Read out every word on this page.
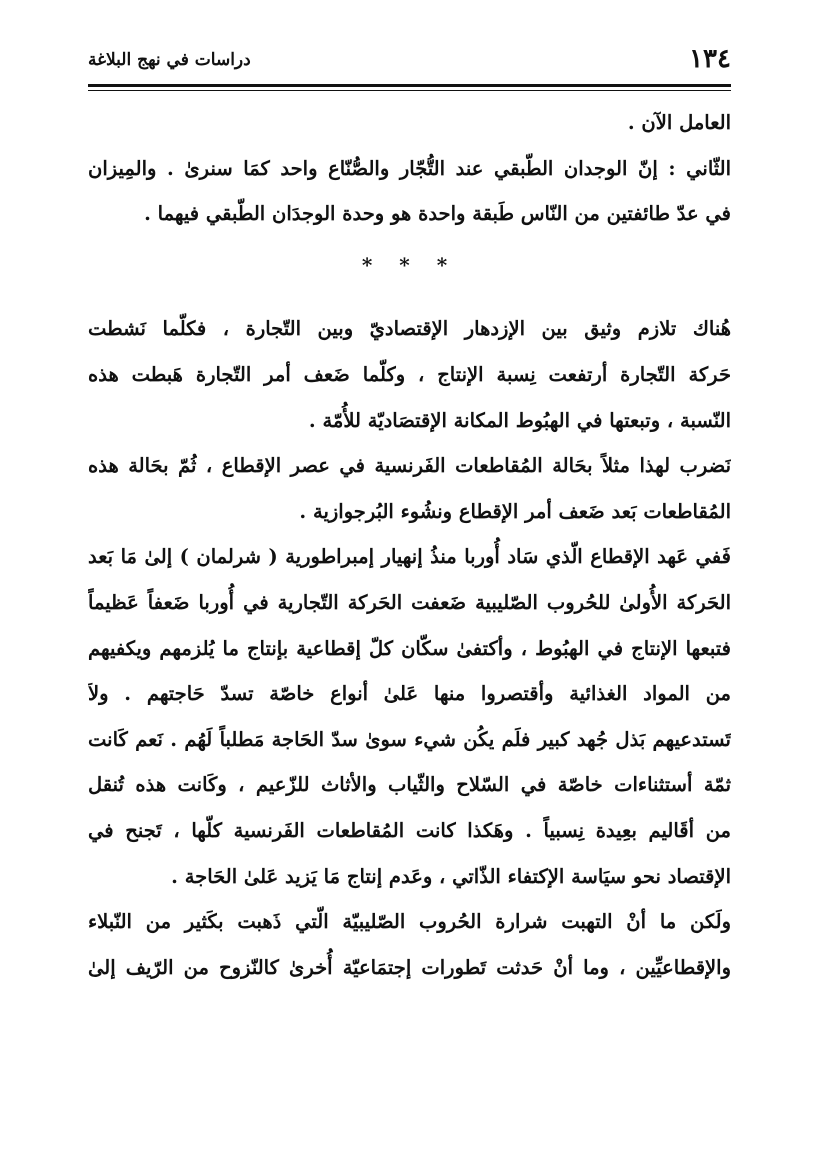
دراسات في نهج البلاغة	١٣٤
العامل الآن .
الثّاني : إنّ الوجدان الطّبقي عند التُّجّار والصُّنّاع واحد كمَا سنرىٰ . والمِيزان
في عدّ طائفتين من النّاس طَبقة واحدة هو وحدة الوجدَان الطّبقي فيهما .
* * *
هُناك تلازم وثيق بين الإزدهار الإقتصاديّ وبين التّجارة ، فكلّما نَشطت
حَركة التّجارة أرتفعت نِسبة الإنتاج ، وكلّما ضَعف أمر التّجارة هَبطت هذه
النّسبة ، وتبعتها في الهبُوط المكانة الإقتصَاديّة للأُمّة .
نَضرب لهذا مثلاً بحَالة المُقاطعات الفَرنسية في عصر الإقطاع ، ثُمّ بحَالة هذه
المُقاطعات بَعد ضَعف أمر الإقطاع ونشُوء البُرجوازية .
فَفي عَهد الإقطاع الّذي سَاد أُوربا منذُ إنهيار إمبراطورية ( شرلمان ) إلىٰ مَا بَعد
الحَركة الأُولىٰ للحُروب الصّليبية ضَعفت الحَركة التّجارية في أُوربا ضَعفاً عَظيماً
فتبعها الإنتاج في الهبُوط ، وأكتفىٰ سكّان كلّ إقطاعية بإنتاج ما يُلزمهم ويكفيهم
من المواد الغذائية وأقتصروا منها عَلىٰ أنواع خاصّة تسدّ حَاجتهم . ولاَ
تَستدعيهم بَذل جُهد كبير فلَم يكُن شيء سوىٰ سدّ الحَاجة مَطلباً لَهُم . نَعم كَانت
ثمّة أستثناءات خاصّة في السّلاح والثّياب والأثاث للزّعيم ، وكَانت هذه تُنقل
من أقَاليم بعِيدة نِسبياً . وهَكذا كانت المُقاطعات الفَرنسية كلّها ، تَجنح في
الإقتصاد نحو سيَاسة الإكتفاء الذّاتي ، وعَدم إنتاج مَا يَزيد عَلىٰ الحَاجة .
ولَكن ما أنْ التهبت شرارة الحُروب الصّليبيّة الّتي ذَهبت بكَثير من النّبلاء
والإقطاعيِّين ، وما أنْ حَدثت تَطورات إجتمَاعيّة أُخرىٰ كالنّزوح من الرّيف إلىٰ
